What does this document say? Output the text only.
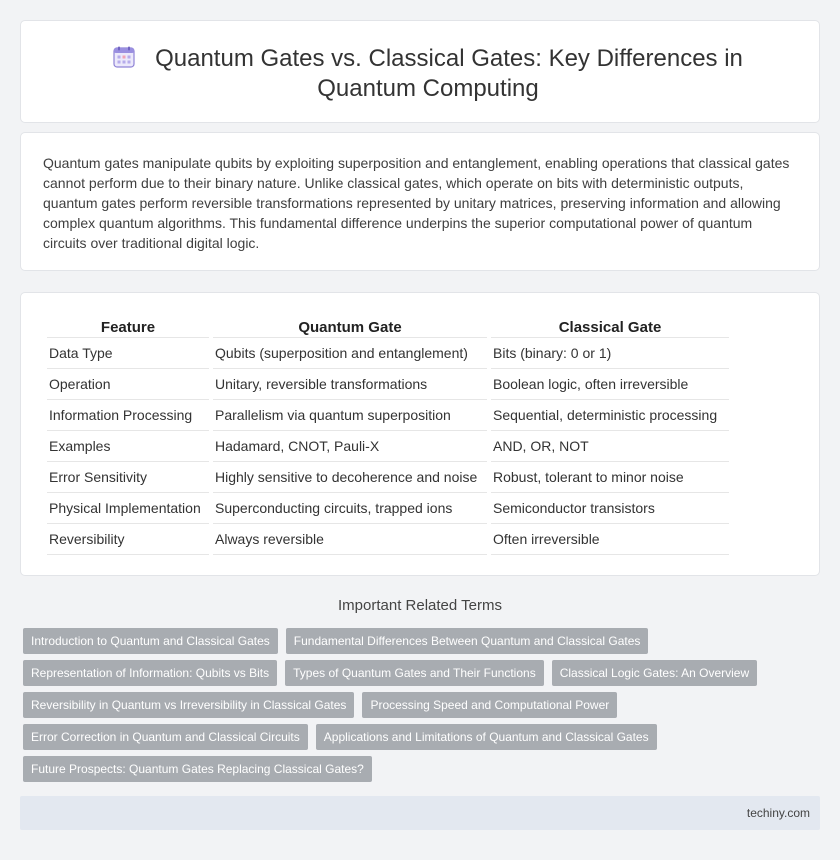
Quantum Gates vs. Classical Gates: Key Differences in Quantum Computing

Quantum gates manipulate qubits by exploiting superposition and entanglement, enabling operations that classical gates cannot perform due to their binary nature. Unlike classical gates, which operate on bits with deterministic outputs, quantum gates perform reversible transformations represented by unitary matrices, preserving information and allowing complex quantum algorithms. This fundamental difference underpins the superior computational power of quantum circuits over traditional digital logic.

Feature	Quantum Gate	Classical Gate
Data Type	Qubits (superposition and entanglement)	Bits (binary: 0 or 1)
Operation	Unitary, reversible transformations	Boolean logic, often irreversible
Information Processing	Parallelism via quantum superposition	Sequential, deterministic processing
Examples	Hadamard, CNOT, Pauli-X	AND, OR, NOT
Error Sensitivity	Highly sensitive to decoherence and noise	Robust, tolerant to minor noise
Physical Implementation	Superconducting circuits, trapped ions	Semiconductor transistors
Reversibility	Always reversible	Often irreversible
Important Related Terms
Introduction to Quantum and Classical Gates	Fundamental Differences Between Quantum and Classical Gates
Representation of Information: Qubits vs Bits	Types of Quantum Gates and Their Functions	Classical Logic Gates: An Overview
Reversibility in Quantum vs Irreversibility in Classical Gates	Processing Speed and Computational Power
Error Correction in Quantum and Classical Circuits	Applications and Limitations of Quantum and Classical Gates
Future Prospects: Quantum Gates Replacing Classical Gates?
techiny.com
